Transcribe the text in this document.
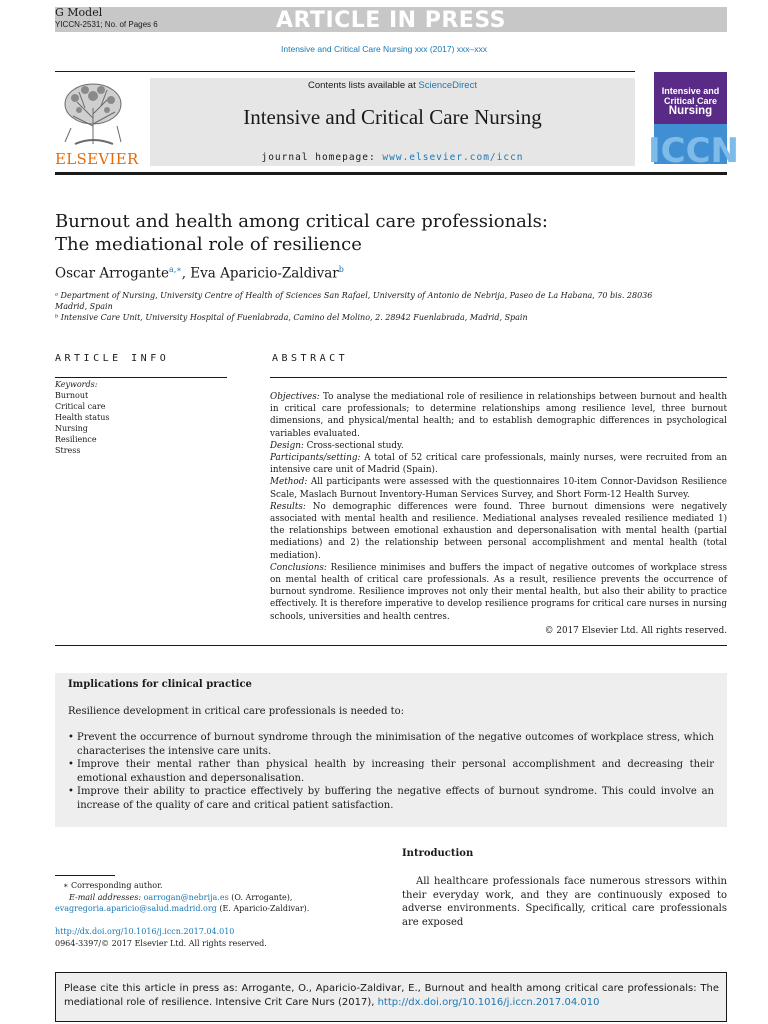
ARTICLE IN PRESS
G Model
YICCN-2531; No. of Pages 6
Intensive and Critical Care Nursing xxx (2017) xxx–xxx
ELSEVIER
Contents lists available at ScienceDirect
Intensive and Critical Care Nursing
journal homepage: www.elsevier.com/iccn
Intensive and
Critical Care
Nursing
ICCN
Burnout and health among critical care professionals:
The mediational role of resilience
Oscar Arrogante$^{a,∗}$, Eva Aparicio-Zaldivar$^b$
ᵃ Department of Nursing, University Centre of Health of Sciences San Rafael, University of Antonio de Nebrija, Paseo de La Habana, 70 bis. 28036 Madrid, Spain
ᵇ Intensive Care Unit, University Hospital of Fuenlabrada, Camino del Molino, 2. 28942 Fuenlabrada, Madrid, Spain
ARTICLE INFO
Keywords:
Burnout
Critical care
Health status
Nursing
Resilience
Stress
ABSTRACT

Objectives: To analyse the mediational role of resilience in relationships between burnout and health in critical care professionals; to determine relationships among resilience level, three burnout dimensions, and physical/mental health; and to establish demographic differences in psychological variables evaluated.

Design: Cross-sectional study.

Participants/setting: A total of 52 critical care professionals, mainly nurses, were recruited from an intensive care unit of Madrid (Spain).

Method: All participants were assessed with the questionnaires 10-item Connor-Davidson Resilience Scale, Maslach Burnout Inventory-Human Services Survey, and Short Form-12 Health Survey.

Results: No demographic differences were found. Three burnout dimensions were negatively associated with mental health and resilience. Mediational analyses revealed resilience mediated 1) the relationships between emotional exhaustion and depersonalisation with mental health (partial mediations) and 2) the relationship between personal accomplishment and mental health (total mediation).

Conclusions: Resilience minimises and buffers the impact of negative outcomes of workplace stress on mental health of critical care professionals. As a result, resilience prevents the occurrence of burnout syndrome. Resilience improves not only their mental health, but also their ability to practice effectively. It is therefore imperative to develop resilience programs for critical care nurses in nursing schools, universities and health centres.

© 2017 Elsevier Ltd. All rights reserved.

Implications for clinical practice
Resilience development in critical care professionals is needed to:
• Prevent the occurrence of burnout syndrome through the minimisation of the negative outcomes of workplace stress, which characterises the intensive care units.
• Improve their mental rather than physical health by increasing their personal accomplishment and decreasing their emotional exhaustion and depersonalisation.
• Improve their ability to practice effectively by buffering the negative effects of burnout syndrome. This could involve an increase of the quality of care and critical patient satisfaction.
Introduction
All healthcare professionals face numerous stressors within their everyday work, and they are continuously exposed to adverse environments. Specifically, critical care professionals are exposed
∗ Corresponding author.
E-mail addresses: oarrogan@nebrija.es (O. Arrogante),
evagregoria.aparicio@salud.madrid.org (E. Aparicio-Zaldivar).
http://dx.doi.org/10.1016/j.iccn.2017.04.010
0964-3397/© 2017 Elsevier Ltd. All rights reserved.
Please cite this article in press as: Arrogante, O., Aparicio-Zaldivar, E., Burnout and health among critical care professionals: The mediational role of resilience. Intensive Crit Care Nurs (2017), http://dx.doi.org/10.1016/j.iccn.2017.04.010
